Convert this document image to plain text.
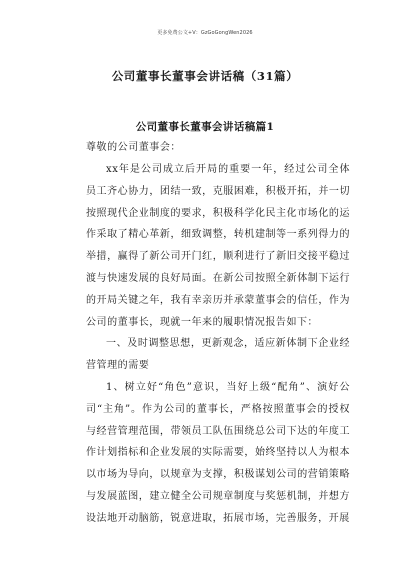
更多免费公文+V：GzGoGongWen2026
公司董事长董事会讲话稿（31篇）
公司董事长董事会讲话稿篇1
尊敬的公司董事会：

xx年是公司成立后开局的重要一年，经过公司全体员工齐心协力，团结一致，克服困难，积极开拓，并一切按照现代企业制度的要求，积极科学化民主化市场化的运作采取了精心革新，细致调整，转机建制等一系列得力的举措，赢得了新公司开门红，顺利进行了新旧交接平稳过渡与快速发展的良好局面。在新公司按照全新体制下运行的开局关键之年，我有幸亲历并承蒙董事会的信任，作为公司的董事长，现就一年来的履职情况报告如下：

一、及时调整思想，更新观念，适应新体制下企业经营管理的需要

1、树立好“角色”意识，当好上级“配角”、演好公司“主角”。作为公司的董事长，严格按照董事会的授权与经营管理范围，带领员工队伍围绕总公司下达的年度工作计划指标和企业发展的实际需要，始终坚持以人为根本以市场为导向，以规章为支撑，积极谋划公司的营销策略与发展蓝图，建立健全公司规章制度与奖惩机制，并想方设法地开动脑筋，锐意进取，拓展市场，完善服务，开展
